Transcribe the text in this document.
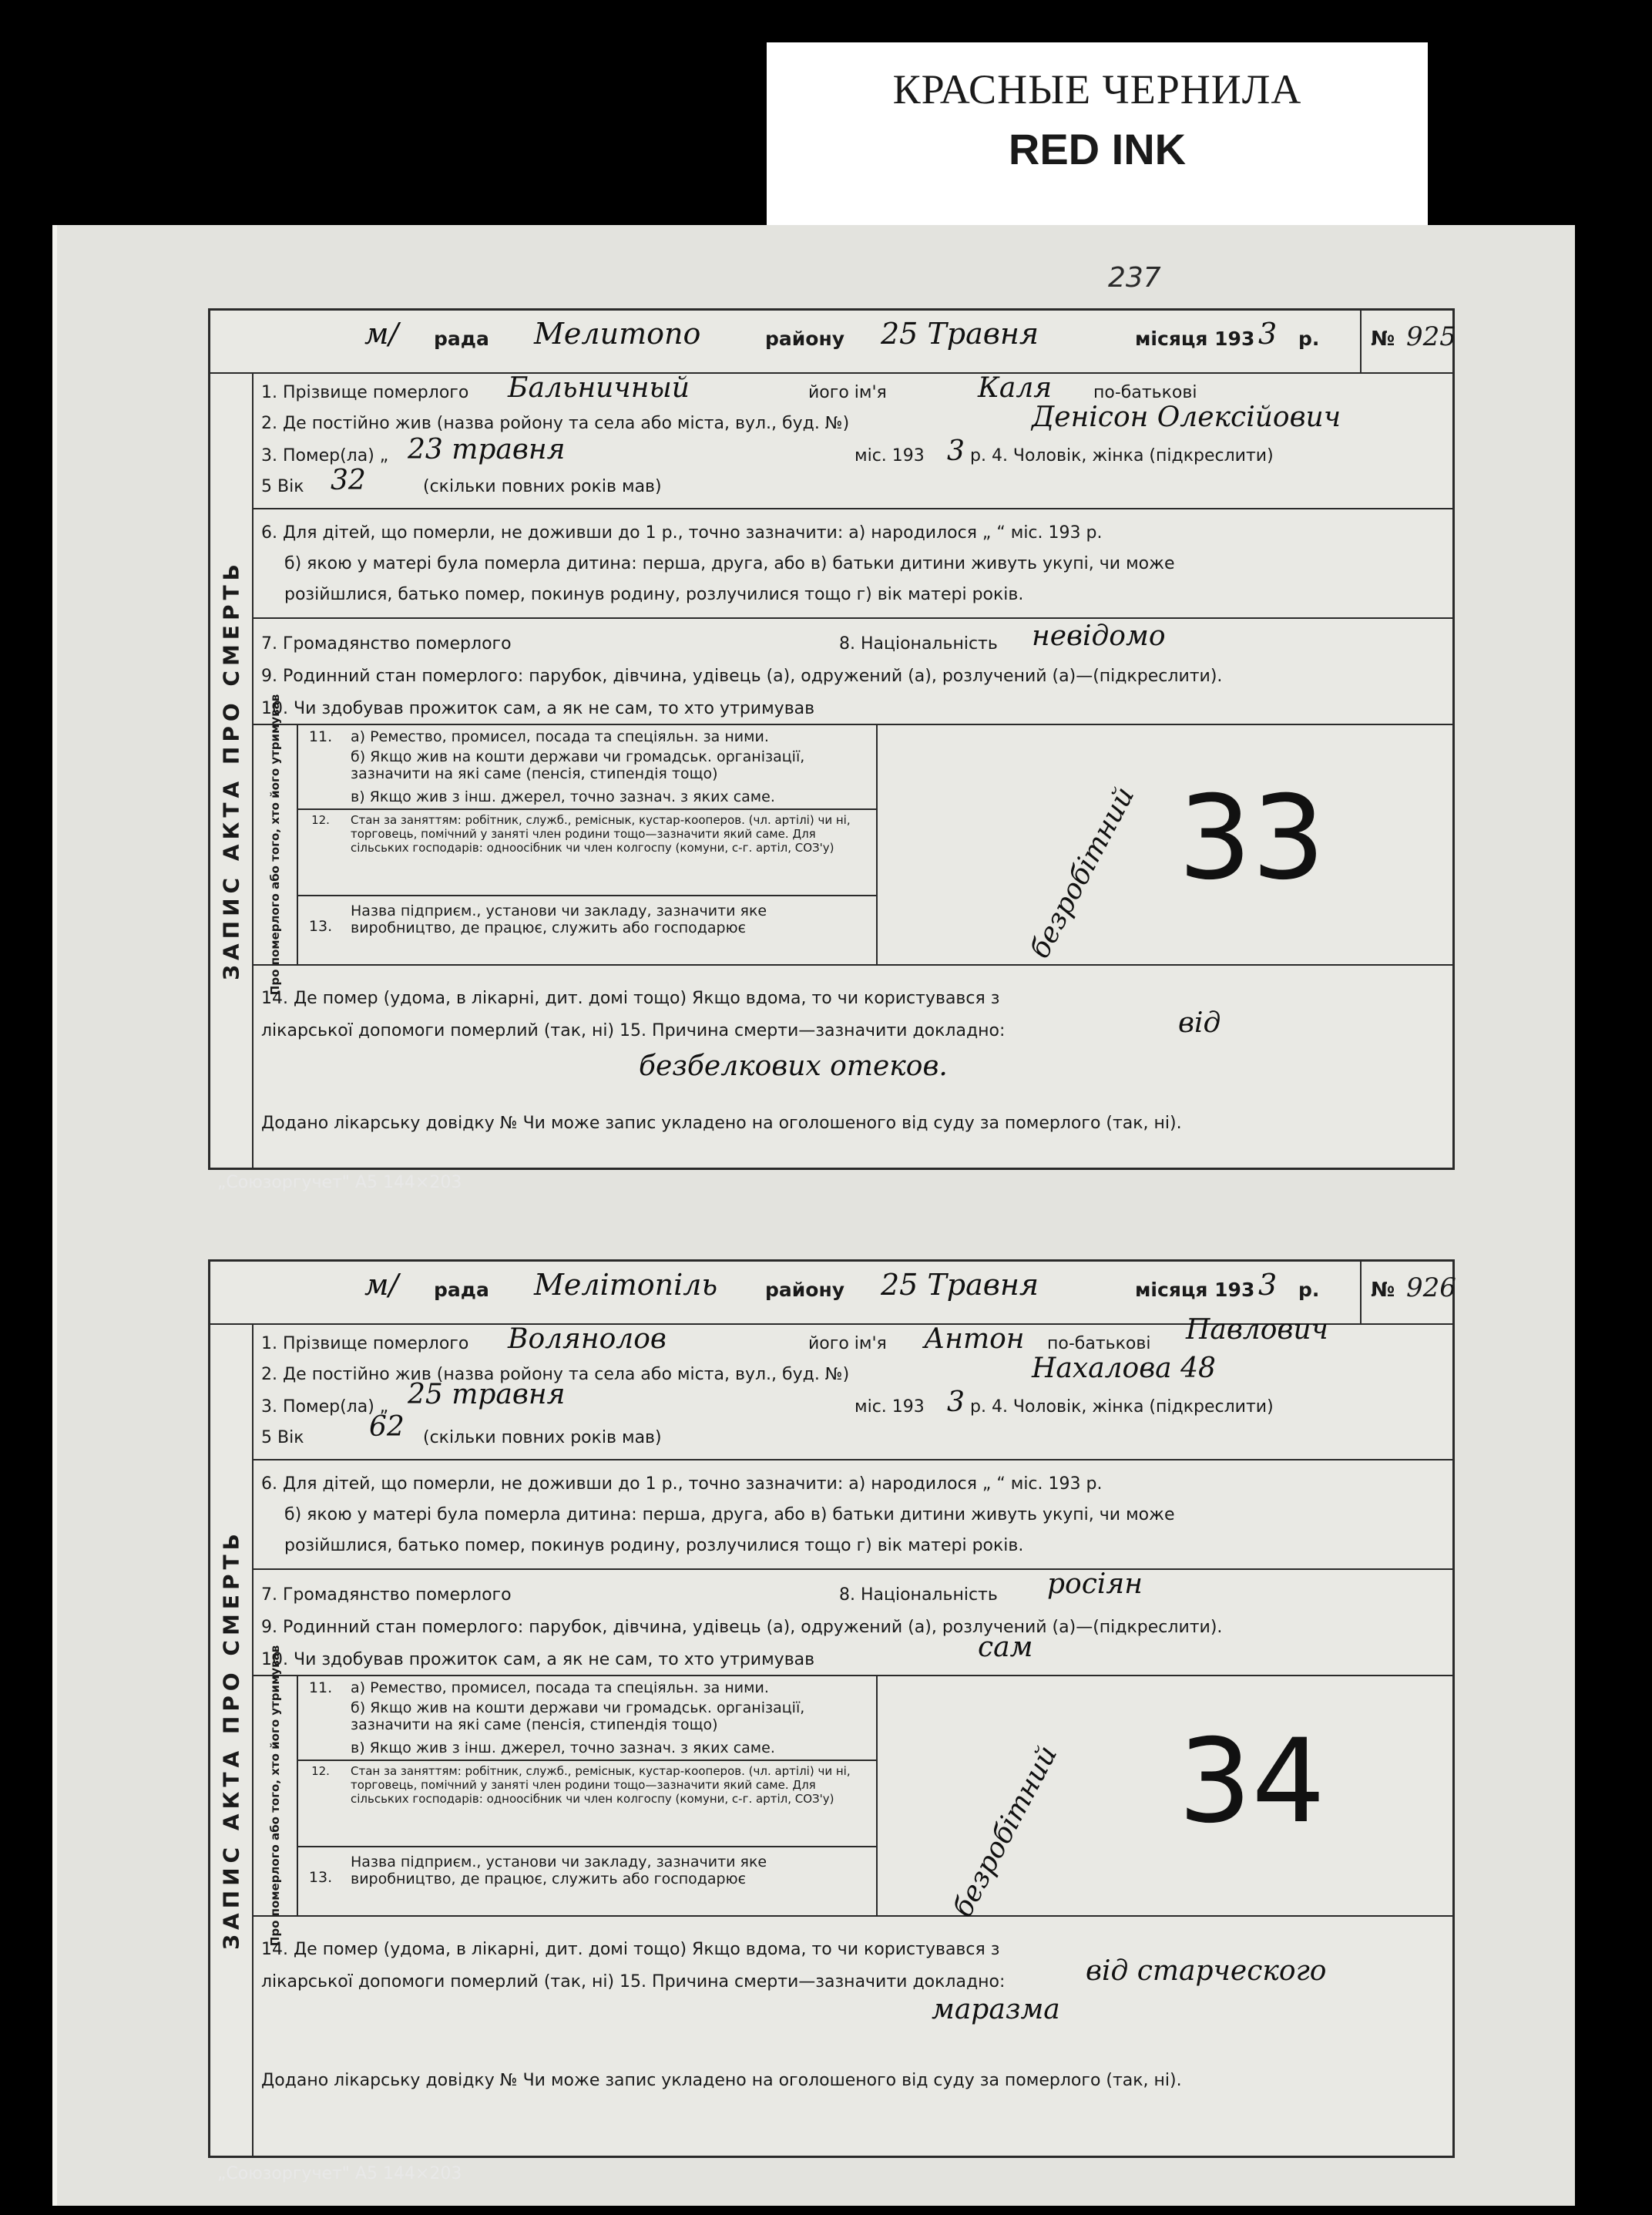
КРАСНЫЕ ЧЕРНИЛА
RED INK
237
м/ рада Мелитопо	району 25 Травня	місяця 193 3 р.	№ 925
ЗАПИС АКТА ПРО СМЕРТЬ
1. Прізвище померлого	Бальничный	його ім'я	Каля по-батькові
2. Де постійно жив (назва ройону та села або міста, вул., буд. №)	Денісон Олексійович
3. Помер(ла) „ 23 травня	міс. 193 3 р. 4. Чоловік, жінка (підкреслити)
5 Вік 32	(скільки повних років мав)
6. Для дітей, що померли, не доживши до 1 р., точно зазначити: а) народилося „ “ міс. 193 р.
б) якою у матері була померла дитина: перша, друга, або в) батьки дитини живуть укупі, чи може
розійшлися, батько помер, покинув родину, розлучилися тощо г) вік матері років.
7. Громадянство померлого	8. Національність невідомо
9. Родинний стан померлого: парубок, дівчина, удівець (а), одружений (а), розлучений (а)—(підкреслити).
10. Чи здобував прожиток сам, а як не сам, то хто утримував
Про померлого або того, хто його утримував	11.	а) Ремество, промисел, посада та спеціяльн. за ними.
б) Якщо жив на кошти держави чи громадськ. організації, зазначити на які саме (пенсія, стипендія тощо)
в) Якщо жив з інш. джерел, точно зазнач. з яких саме.
12.	Стан за заняттям: робітник, служб., реміснык, кустар-кооперов. (чл. артілі) чи ні, торговець, помічний у заняті член родини тощо—зазначити який саме. Для сільських господарів: одноосібник чи член колгоспу (комуни, с-г. артіл, СОЗ'у)
13.
Назва підприєм., установи чи закладу, зазначити яке виробництво, де працює, служить або господарює	безробітний 33
14. Де помер (удома, в лікарні, дит. домі тощо) Якщо вдома, то чи користувався з
лікарської допомоги померлий (так, ні) 15. Причина смерти—зазначити докладно:	від
безбелкових отеков.
Додано лікарську довідку № Чи може запис укладено на оголошеного від суду за померлого (так, ні).
„Союзоргучет" А5 144×203
м/ рада Мелітопіль району 25 Травня	місяця 193 3 р.	№ 926
ЗАПИС АКТА ПРО СМЕРТЬ
1. Прізвище померлого	Волянолов	його ім'я Антон по-батькові Павлович
2. Де постійно жив (назва ройону та села або міста, вул., буд. №)	Нахалова 48
3. Помер(ла) „ 25 травня	міс. 193 3 р. 4. Чоловік, жінка (підкреслити)
5 Вік	62 (скільки повних років мав)
6. Для дітей, що померли, не доживши до 1 р., точно зазначити: а) народилося „ “ міс. 193 р.
б) якою у матері була померла дитина: перша, друга, або в) батьки дитини живуть укупі, чи може
розійшлися, батько помер, покинув родину, розлучилися тощо г) вік матері років.
7. Громадянство померлого	8. Національність росіян
9. Родинний стан померлого: парубок, дівчина, удівець (а), одружений (а), розлучений (а)—(підкреслити).
10. Чи здобував прожиток сам, а як не сам, то хто утримував	сам
Про померлого або того, хто його утримував	11.	а) Ремество, промисел, посада та спеціяльн. за ними.
б) Якщо жив на кошти держави чи громадськ. організації, зазначити на які саме (пенсія, стипендія тощо)
в) Якщо жив з інш. джерел, точно зазнач. з яких саме.
12.	Стан за заняттям: робітник, служб., реміснык, кустар-кооперов. (чл. артілі) чи ні, торговець, помічний у заняті член родини тощо—зазначити який саме. Для сільських господарів: одноосібник чи член колгоспу (комуни, с-г. артіл, СОЗ'у)
13.
Назва підприєм., установи чи закладу, зазначити яке виробництво, де працює, служить або господарює	безробітний 34
14. Де помер (удома, в лікарні, дит. домі тощо) Якщо вдома, то чи користувався з
лікарської допомоги померлий (так, ні) 15. Причина смерти—зазначити докладно:	від старческого
маразма
Додано лікарську довідку № Чи може запис укладено на оголошеного від суду за померлого (так, ні).
„Союзоргучет" А5 144×203
